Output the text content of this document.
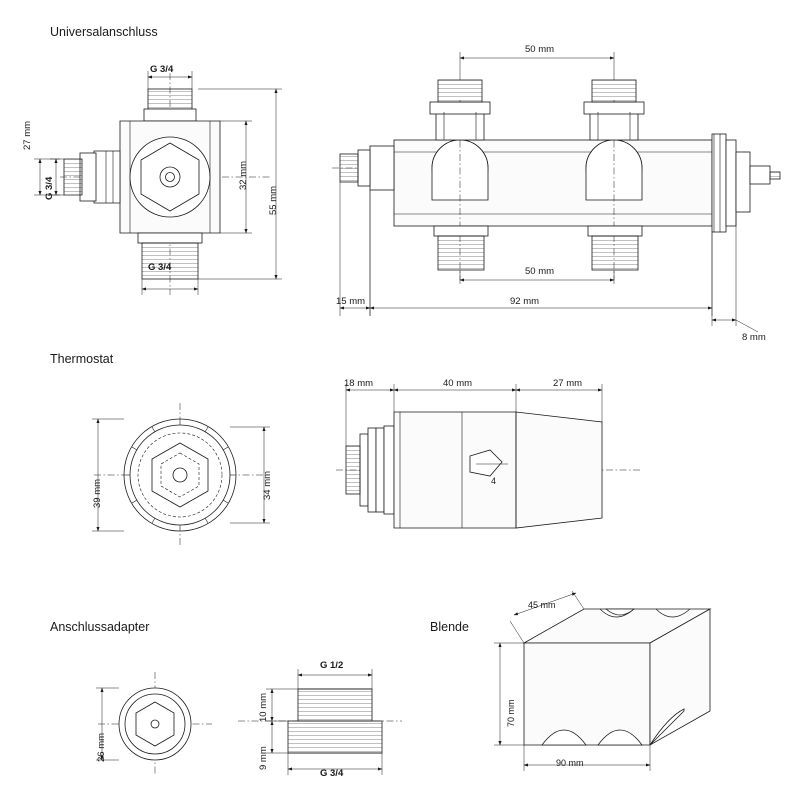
Universalanschluss
Thermostat
Anschlussadapter	Blende
27 mm
32 mm
55 mm
G 3/4
G 3/4
G 3/4
50 mm
50 mm
15 mm	92 mm
8 mm
39 mm	34 mm
18 mm	40 mm	27 mm
4
26 mm
10 mm
9 mm
G 1/2
G 3/4
45 mm
70 mm
90 mm
